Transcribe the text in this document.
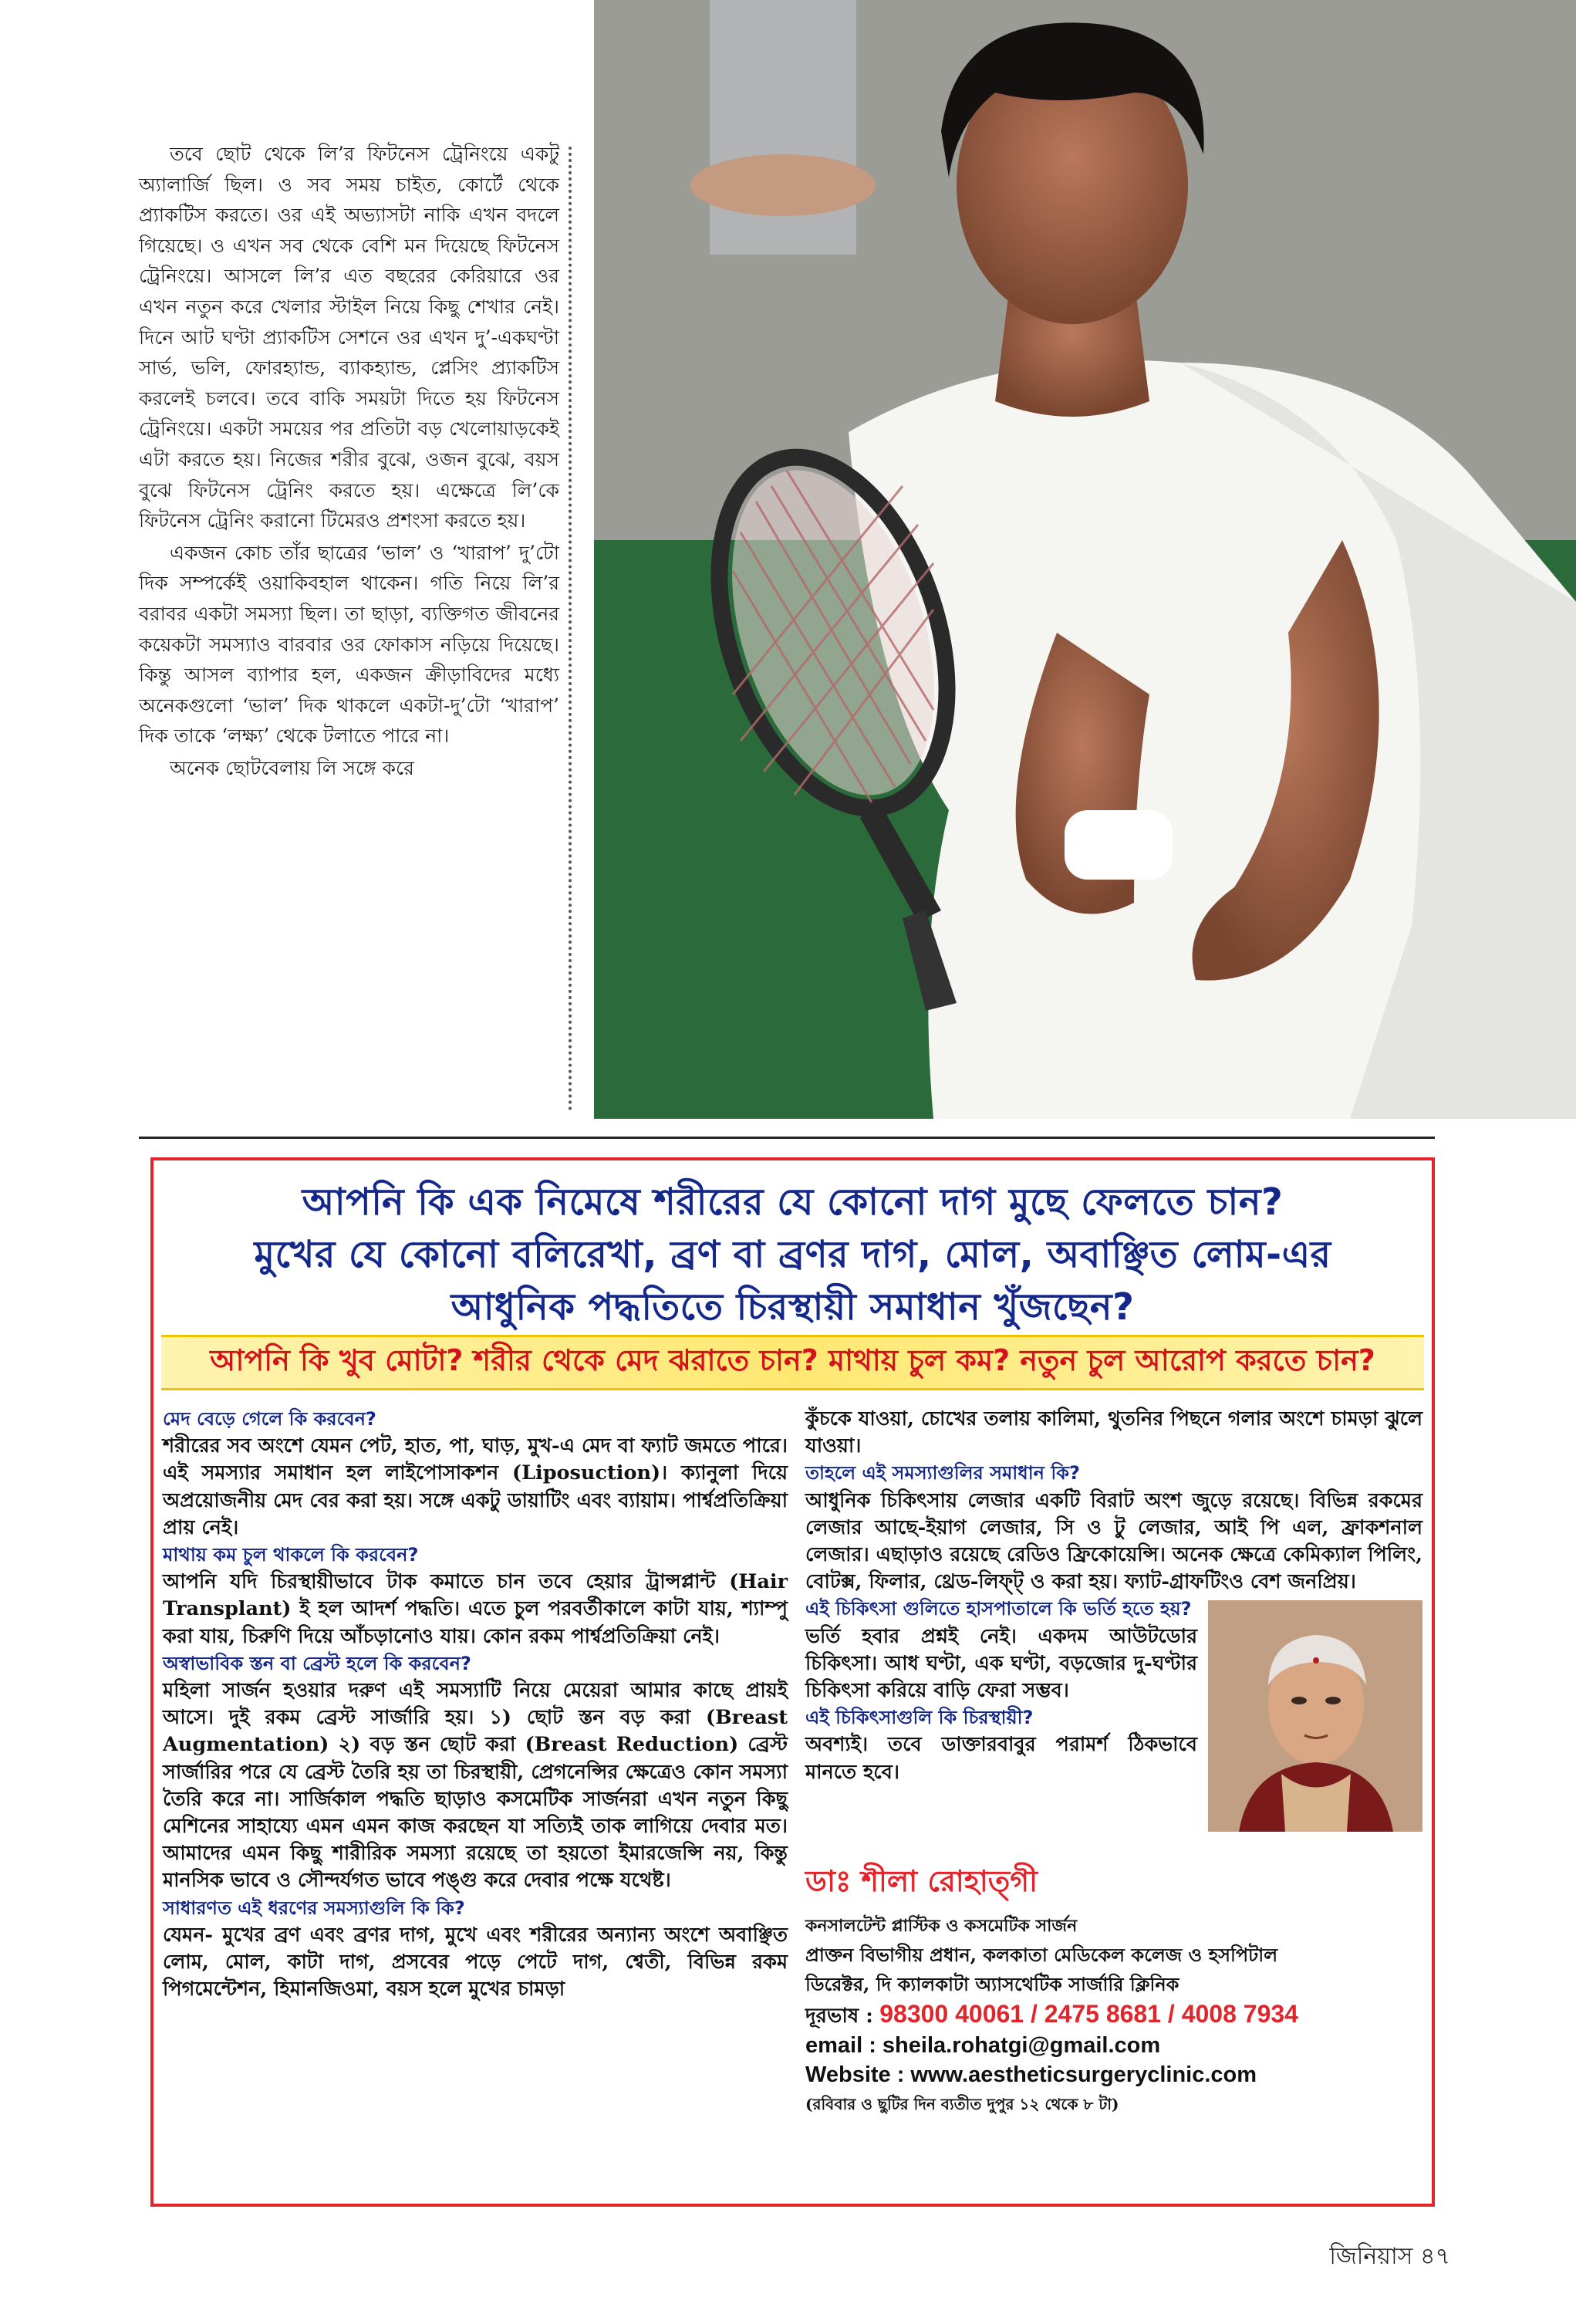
তবে ছোট থেকে লি’র ফিটনেস ট্রেনিংয়ে একটু অ্যালার্জি ছিল। ও সব সময় চাইত, কোর্টে থেকে প্র্যাকটিস করতে। ওর এই অভ্যাসটা নাকি এখন বদলে গিয়েছে। ও এখন সব থেকে বেশি মন দিয়েছে ফিটনেস ট্রেনিংয়ে। আসলে লি’র এত বছরের কেরিয়ারে ওর এখন নতুন করে খেলার স্টাইল নিয়ে কিছু শেখার নেই। দিনে আট ঘণ্টা প্র্যাকটিস সেশনে ওর এখন দু’-একঘণ্টা সার্ভ, ভলি, ফোরহ্যান্ড, ব্যাকহ্যান্ড, প্লেসিং প্র্যাকটিস করলেই চলবে। তবে বাকি সময়টা দিতে হয় ফিটনেস ট্রেনিংয়ে। একটা সময়ের পর প্রতিটা বড় খেলোয়াড়কেই এটা করতে হয়। নিজের শরীর বুঝে, ওজন বুঝে, বয়স বুঝে ফিটনেস ট্রেনিং করতে হয়। এক্ষেত্রে লি’কে ফিটনেস ট্রেনিং করানো টিমেরও প্রশংসা করতে হয়।

একজন কোচ তাঁর ছাত্রের ‘ভাল’ ও ‘খারাপ’ দু’টো দিক সম্পর্কেই ওয়াকিবহাল থাকেন। গতি নিয়ে লি’র বরাবর একটা সমস্যা ছিল। তা ছাড়া, ব্যক্তিগত জীবনের কয়েকটা সমস্যাও বারবার ওর ফোকাস নড়িয়ে দিয়েছে। কিন্তু আসল ব্যাপার হল, একজন ক্রীড়াবিদের মধ্যে অনেকগুলো ‘ভাল’ দিক থাকলে একটা-দু’টো ‘খারাপ’ দিক তাকে ‘লক্ষ্য’ থেকে টলাতে পারে না।

অনেক ছোটবেলায় লি সঙ্গে করে

আপনি কি এক নিমেষে শরীরের যে কোনো দাগ মুছে ফেলতে চান?
মুখের যে কোনো বলিরেখা, ব্রণ বা ব্রণর দাগ, মোল, অবাঞ্ছিত লোম-এর
আধুনিক পদ্ধতিতে চিরস্থায়ী সমাধান খুঁজছেন?
আপনি কি খুব মোটা? শরীর থেকে মেদ ঝরাতে চান? মাথায় চুল কম? নতুন চুল আরোপ করতে চান?
মেদ বেড়ে গেলে কি করবেন?
শরীরের সব অংশে যেমন পেট, হাত, পা, ঘাড়, মুখ-এ মেদ বা ফ্যাট জমতে পারে। এই সমস্যার সমাধান হল লাইপোসাকশন (Liposuction)। ক্যানুলা দিয়ে অপ্রয়োজনীয় মেদ বের করা হয়। সঙ্গে একটু ডায়াটিং এবং ব্যায়াম। পার্শ্বপ্রতিক্রিয়া প্রায় নেই।
মাথায় কম চুল থাকলে কি করবেন?
আপনি যদি চিরস্থায়ীভাবে টাক কমাতে চান তবে হেয়ার ট্রান্সপ্লান্ট (Hair Transplant) ই হল আদর্শ পদ্ধতি। এতে চুল পরবর্তীকালে কাটা যায়, শ্যাম্পু করা যায়, চিরুণি দিয়ে আঁচড়ানোও যায়। কোন রকম পার্শ্বপ্রতিক্রিয়া নেই।
অস্বাভাবিক স্তন বা ব্রেস্ট হলে কি করবেন?
মহিলা সার্জন হওয়ার দরুণ এই সমস্যাটি নিয়ে মেয়েরা আমার কাছে প্রায়ই আসে। দুই রকম ব্রেস্ট সার্জারি হয়। ১) ছোট স্তন বড় করা (Breast Augmentation) ২) বড় স্তন ছোট করা (Breast Reduction) ব্রেস্ট সার্জারির পরে যে ব্রেস্ট তৈরি হয় তা চিরস্থায়ী, প্রেগনেন্সির ক্ষেত্রেও কোন সমস্যা তৈরি করে না। সার্জিকাল পদ্ধতি ছাড়াও কসমেটিক সার্জনরা এখন নতুন কিছু মেশিনের সাহায্যে এমন এমন কাজ করছেন যা সত্যিই তাক লাগিয়ে দেবার মত। আমাদের এমন কিছু শারীরিক সমস্যা রয়েছে তা হয়তো ইমারজেন্সি নয়, কিন্তু মানসিক ভাবে ও সৌন্দর্যগত ভাবে পঙ্গু করে দেবার পক্ষে যথেষ্ট।
সাধারণত এই ধরণের সমস্যাগুলি কি কি?
যেমন- মুখের ব্রণ এবং ব্রণর দাগ, মুখে এবং শরীরের অন্যান্য অংশে অবাঞ্ছিত লোম, মোল, কাটা দাগ, প্রসবের পড়ে পেটে দাগ, শ্বেতী, বিভিন্ন রকম পিগমেন্টেশন, হিমানজিওমা, বয়স হলে মুখের চামড়া
কুঁচকে যাওয়া, চোখের তলায় কালিমা, থুতনির পিছনে গলার অংশে চামড়া ঝুলে যাওয়া।
তাহলে এই সমস্যাগুলির সমাধান কি?
আধুনিক চিকিৎসায় লেজার একটি বিরাট অংশ জুড়ে রয়েছে। বিভিন্ন রকমের লেজার আছে-ইয়াগ লেজার, সি ও টু লেজার, আই পি এল, ফ্রাকশনাল লেজার। এছাড়াও রয়েছে রেডিও ফ্রিকোয়েন্সি। অনেক ক্ষেত্রে কেমিক্যাল পিলিং, বোটক্স, ফিলার, থ্রেড-লিফ্‌ট্‌ ও করা হয়। ফ্যাট-গ্রাফটিংও বেশ জনপ্রিয়।
এই চিকিৎসা গুলিতে হাসপাতালে কি ভর্তি হতে হয়?
ভর্তি হবার প্রশ্নই নেই। একদম আউটডোর চিকিৎসা। আধ ঘণ্টা, এক ঘণ্টা, বড়জোর দু-ঘণ্টার চিকিৎসা করিয়ে বাড়ি ফেরা সম্ভব।
এই চিকিৎসাগুলি কি চিরস্থায়ী?
অবশ্যই। তবে ডাক্তারবাবুর পরামর্শ ঠিকভাবে মানতে হবে।
ডাঃ শীলা রোহাত্‌গী
কনসালটেন্ট প্লাস্টিক ও কসমেটিক সার্জন
প্রাক্তন বিভাগীয় প্রধান, কলকাতা মেডিকেল কলেজ ও হসপিটাল
ডিরেক্টর, দি ক্যালকাটা অ্যাসথেটিক সার্জারি ক্লিনিক
দূরভাষ : 98300 40061 / 2475 8681 / 4008 7934
email : sheila.rohatgi@gmail.com
Website : www.aestheticsurgeryclinic.com
(রবিবার ও ছুটির দিন ব্যতীত দুপুর ১২ থেকে ৮ টা)
জিনিয়াস ৪৭
